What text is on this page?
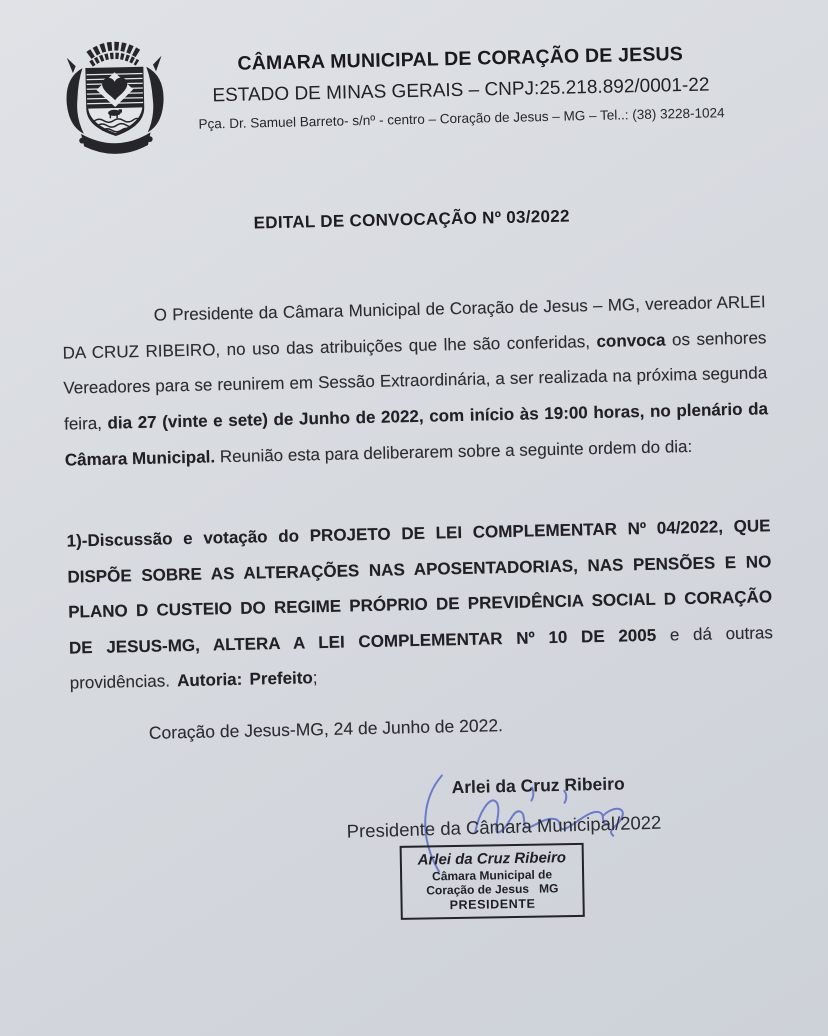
CÂMARA MUNICIPAL DE CORAÇÃO DE JESUS
ESTADO DE MINAS GERAIS – CNPJ:25.218.892/0001-22
Pça. Dr. Samuel Barreto- s/nº - centro – Coração de Jesus – MG – Tel..: (38) 3228-1024
EDITAL DE CONVOCAÇÃO Nº 03/2022

O Presidente da Câmara Municipal de Coração de Jesus – MG, vereador ARLEI DA CRUZ RIBEIRO, no uso das atribuições que lhe são conferidas, convoca os senhores Vereadores para se reunirem em Sessão Extraordinária, a ser realizada na próxima segunda feira, dia 27 (vinte e sete) de Junho de 2022, com início às 19:00 horas, no plenário da Câmara Municipal. Reunião esta para deliberarem sobre a seguinte ordem do dia:

1)-Discussão e votação do PROJETO DE LEI COMPLEMENTAR Nº 04/2022, QUE DISPÕE SOBRE AS ALTERAÇÕES NAS APOSENTADORIAS, NAS PENSÕES E NO PLANO D CUSTEIO DO REGIME PRÓPRIO DE PREVIDÊNCIA SOCIAL D CORAÇÃO DE JESUS-MG, ALTERA A LEI COMPLEMENTAR Nº 10 DE 2005 e dá outras providências. Autoria: Prefeito;

Coração de Jesus-MG, 24 de Junho de 2022.

Arlei da Cruz Ribeiro
Presidente da Câmara Municipal/2022
Arlei da Cruz Ribeiro
Câmara Municipal de
Coração de Jesus   MG
PRESIDENTE
